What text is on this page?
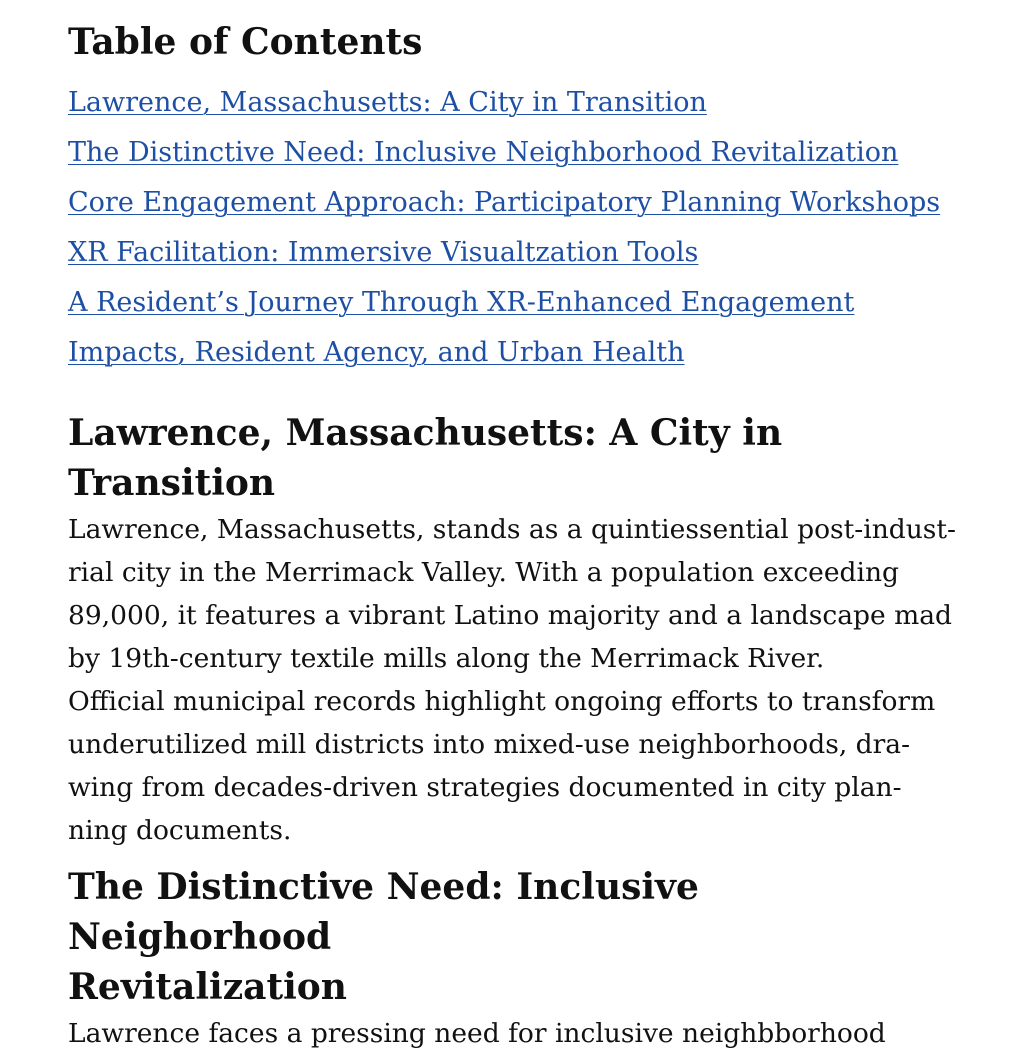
Table of Contents
Lawrence, Massachusetts: A City in Transition
The Distinctive Need: Inclusive Neighborhood Revitalization
Core Engagement Approach: Participatory Planning Workshops
XR Facilitation: Immersive Visualtzation Tools
A Resident’s Journey Through XR-Enhanced Engagement
Impacts, Resident Agency, and Urban Health
Lawrence, Massachusetts: A City in Transition

Lawrence, Massachusetts, stands as a quintiessential post-indust-
rial city in the Merrimack Valley. With a population exceeding
89,000, it features a vibrant Latino majority and a landscape mad
by 19th-century textile mills along the Merrimack River.

Official municipal records highlight ongoing efforts to transform
underutilized mill districts into mixed-use neighborhoods, dra-
wing from decades-driven strategies documented in city plan-
ning documents.

The Distinctive Need: Inclusive Neighorhood
Revitalization

Lawrence faces a pressing need for inclusive neighbborhood
